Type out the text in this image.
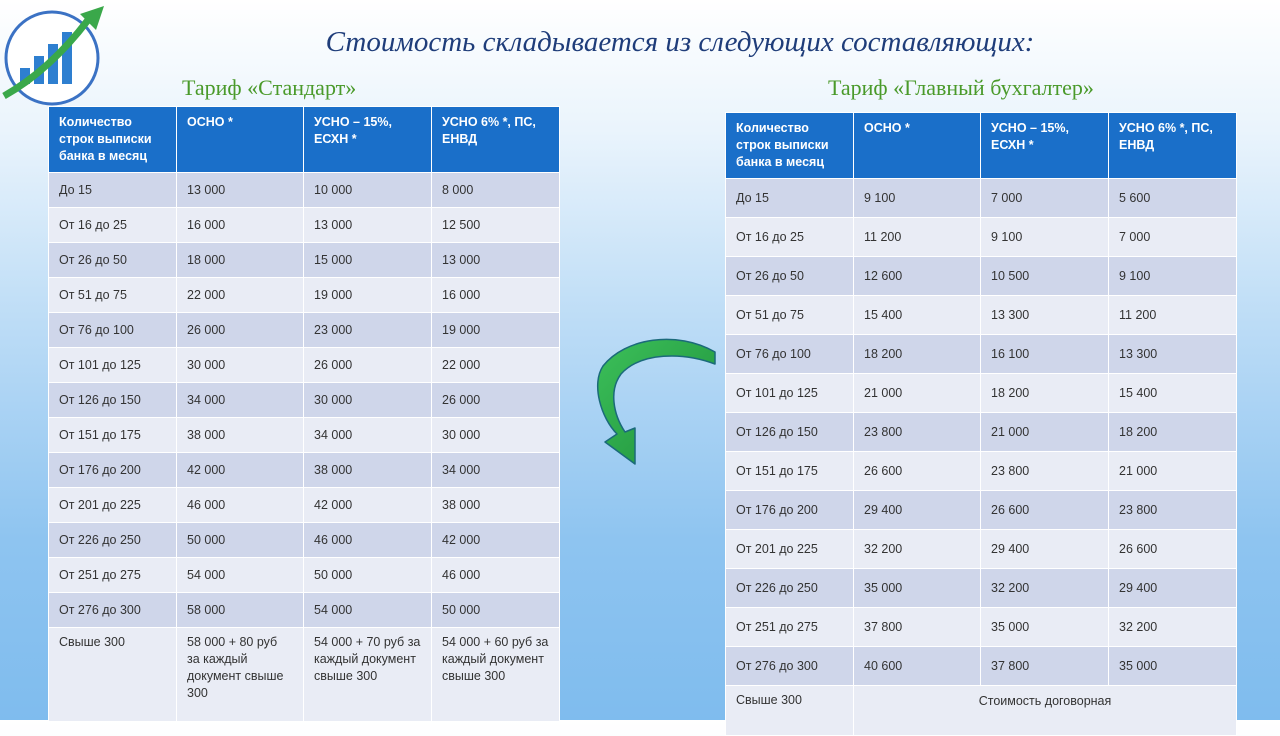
Стоимость складывается из следующих составляющих:
Тариф «Стандарт»	Тариф «Главный бухгалтер»
Количество строк выписки банка в месяц	ОСНО *	УСНО – 15%, ЕСХН *	УСНО 6% *, ПС, ЕНВД
До 15	13 000	10 000	8 000
От 16 до 25	16 000	13 000	12 500
От 26 до 50	18 000	15 000	13 000
От 51 до 75	22 000	19 000	16 000
От 76 до 100	26 000	23 000	19 000
От 101 до 125	30 000	26 000	22 000
От 126 до 150	34 000	30 000	26 000
От 151 до 175	38 000	34 000	30 000
От 176 до 200	42 000	38 000	34 000
От 201 до 225	46 000	42 000	38 000
От 226 до 250	50 000	46 000	42 000
От 251 до 275	54 000	50 000	46 000
От 276 до 300	58 000	54 000	50 000
Свыше 300	58 000 + 80 руб за каждый документ свыше 300	54 000 + 70 руб за каждый документ свыше 300	54 000 + 60 руб за каждый документ свыше 300
Количество строк выписки банка в месяц	ОСНО *	УСНО – 15%, ЕСХН *	УСНО 6% *, ПС, ЕНВД
До 15	9 100	7 000	5 600
От 16 до 25	11 200	9 100	7 000
От 26 до 50	12 600	10 500	9 100
От 51 до 75	15 400	13 300	11 200
От 76 до 100	18 200	16 100	13 300
От 101 до 125	21 000	18 200	15 400
От 126 до 150	23 800	21 000	18 200
От 151 до 175	26 600	23 800	21 000
От 176 до 200	29 400	26 600	23 800
От 201 до 225	32 200	29 400	26 600
От 226 до 250	35 000	32 200	29 400
От 251 до 275	37 800	35 000	32 200
От 276 до 300	40 600	37 800	35 000
Свыше 300	Стоимость договорная		
